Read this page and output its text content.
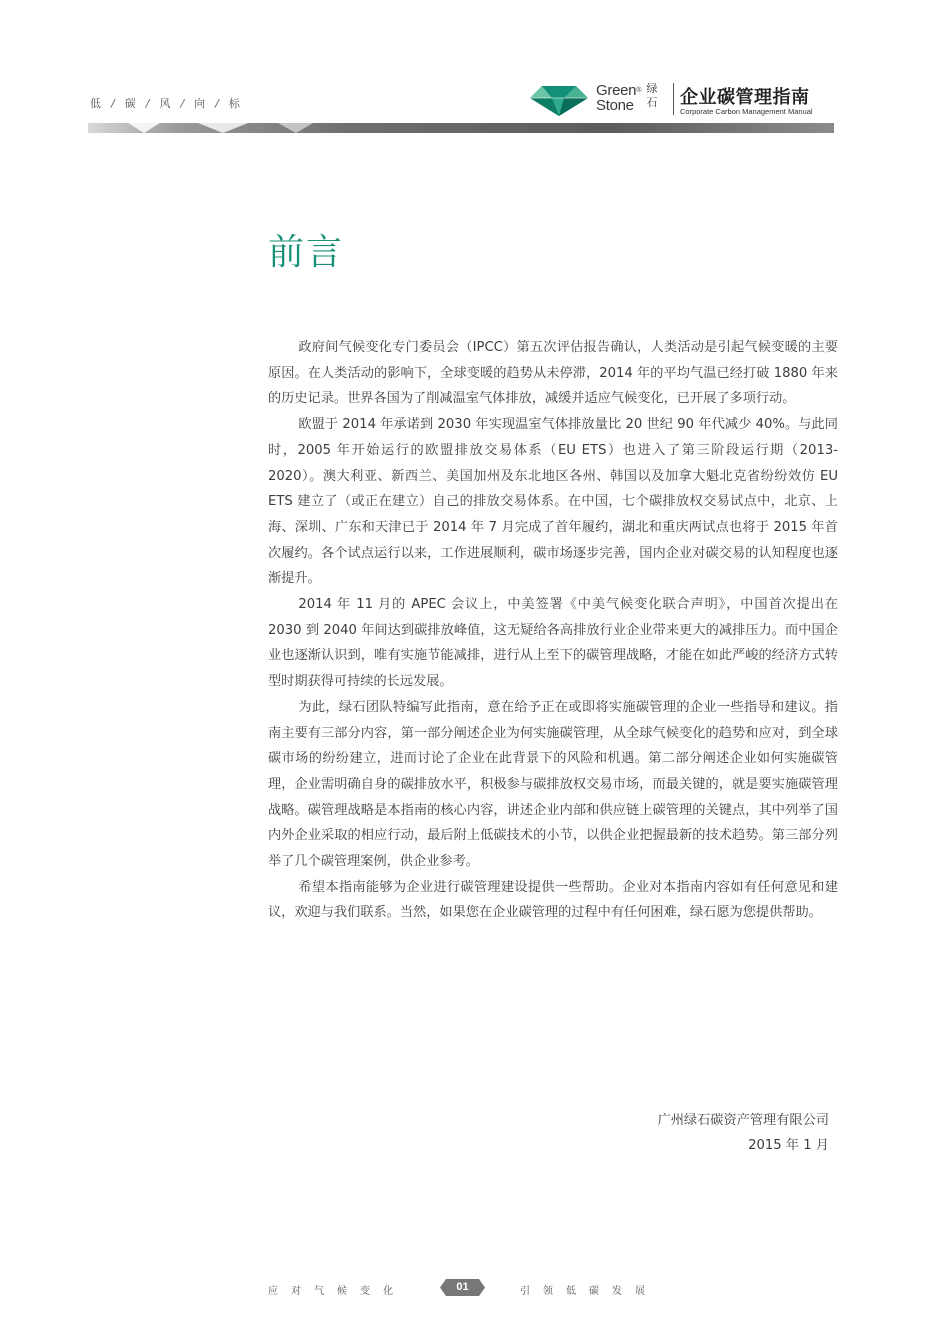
低 / 碳 / 风 / 向 / 标
Green®
Stone
绿石 企业碳管理指南
Corporate Carbon Management Manual
前言

政府间气候变化专门委员会（IPCC）第五次评估报告确认，人类活动是引起气候变暖的主要原因。在人类活动的影响下，全球变暖的趋势从未停滞，2014 年的平均气温已经打破 1880 年来的历史记录。世界各国为了削减温室气体排放，减缓并适应气候变化，已开展了多项行动。

欧盟于 2014 年承诺到 2030 年实现温室气体排放量比 20 世纪 90 年代减少 40%。与此同时，2005 年开始运行的欧盟排放交易体系（EU ETS）也进入了第三阶段运行期（2013-2020）。澳大利亚、新西兰、美国加州及东北地区各州、韩国以及加拿大魁北克省纷纷效仿 EU ETS 建立了（或正在建立）自己的排放交易体系。在中国，七个碳排放权交易试点中，北京、上海、深圳、广东和天津已于 2014 年 7 月完成了首年履约，湖北和重庆两试点也将于 2015 年首次履约。各个试点运行以来，工作进展顺利，碳市场逐步完善，国内企业对碳交易的认知程度也逐渐提升。

2014 年 11 月的 APEC 会议上，中美签署《中美气候变化联合声明》，中国首次提出在 2030 到 2040 年间达到碳排放峰值，这无疑给各高排放行业企业带来更大的减排压力。而中国企业也逐渐认识到，唯有实施节能减排，进行从上至下的碳管理战略，才能在如此严峻的经济方式转型时期获得可持续的长远发展。

为此，绿石团队特编写此指南，意在给予正在或即将实施碳管理的企业一些指导和建议。指南主要有三部分内容，第一部分阐述企业为何实施碳管理，从全球气候变化的趋势和应对，到全球碳市场的纷纷建立，进而讨论了企业在此背景下的风险和机遇。第二部分阐述企业如何实施碳管理，企业需明确自身的碳排放水平，积极参与碳排放权交易市场，而最关键的，就是要实施碳管理战略。碳管理战略是本指南的核心内容，讲述企业内部和供应链上碳管理的关键点，其中列举了国内外企业采取的相应行动，最后附上低碳技术的小节，以供企业把握最新的技术趋势。第三部分列举了几个碳管理案例，供企业参考。

希望本指南能够为企业进行碳管理建设提供一些帮助。企业对本指南内容如有任何意见和建议，欢迎与我们联系。当然，如果您在企业碳管理的过程中有任何困难，绿石愿为您提供帮助。

广州绿石碳资产管理有限公司
2015 年 1 月
应对气候变化	01	引领低碳发展
